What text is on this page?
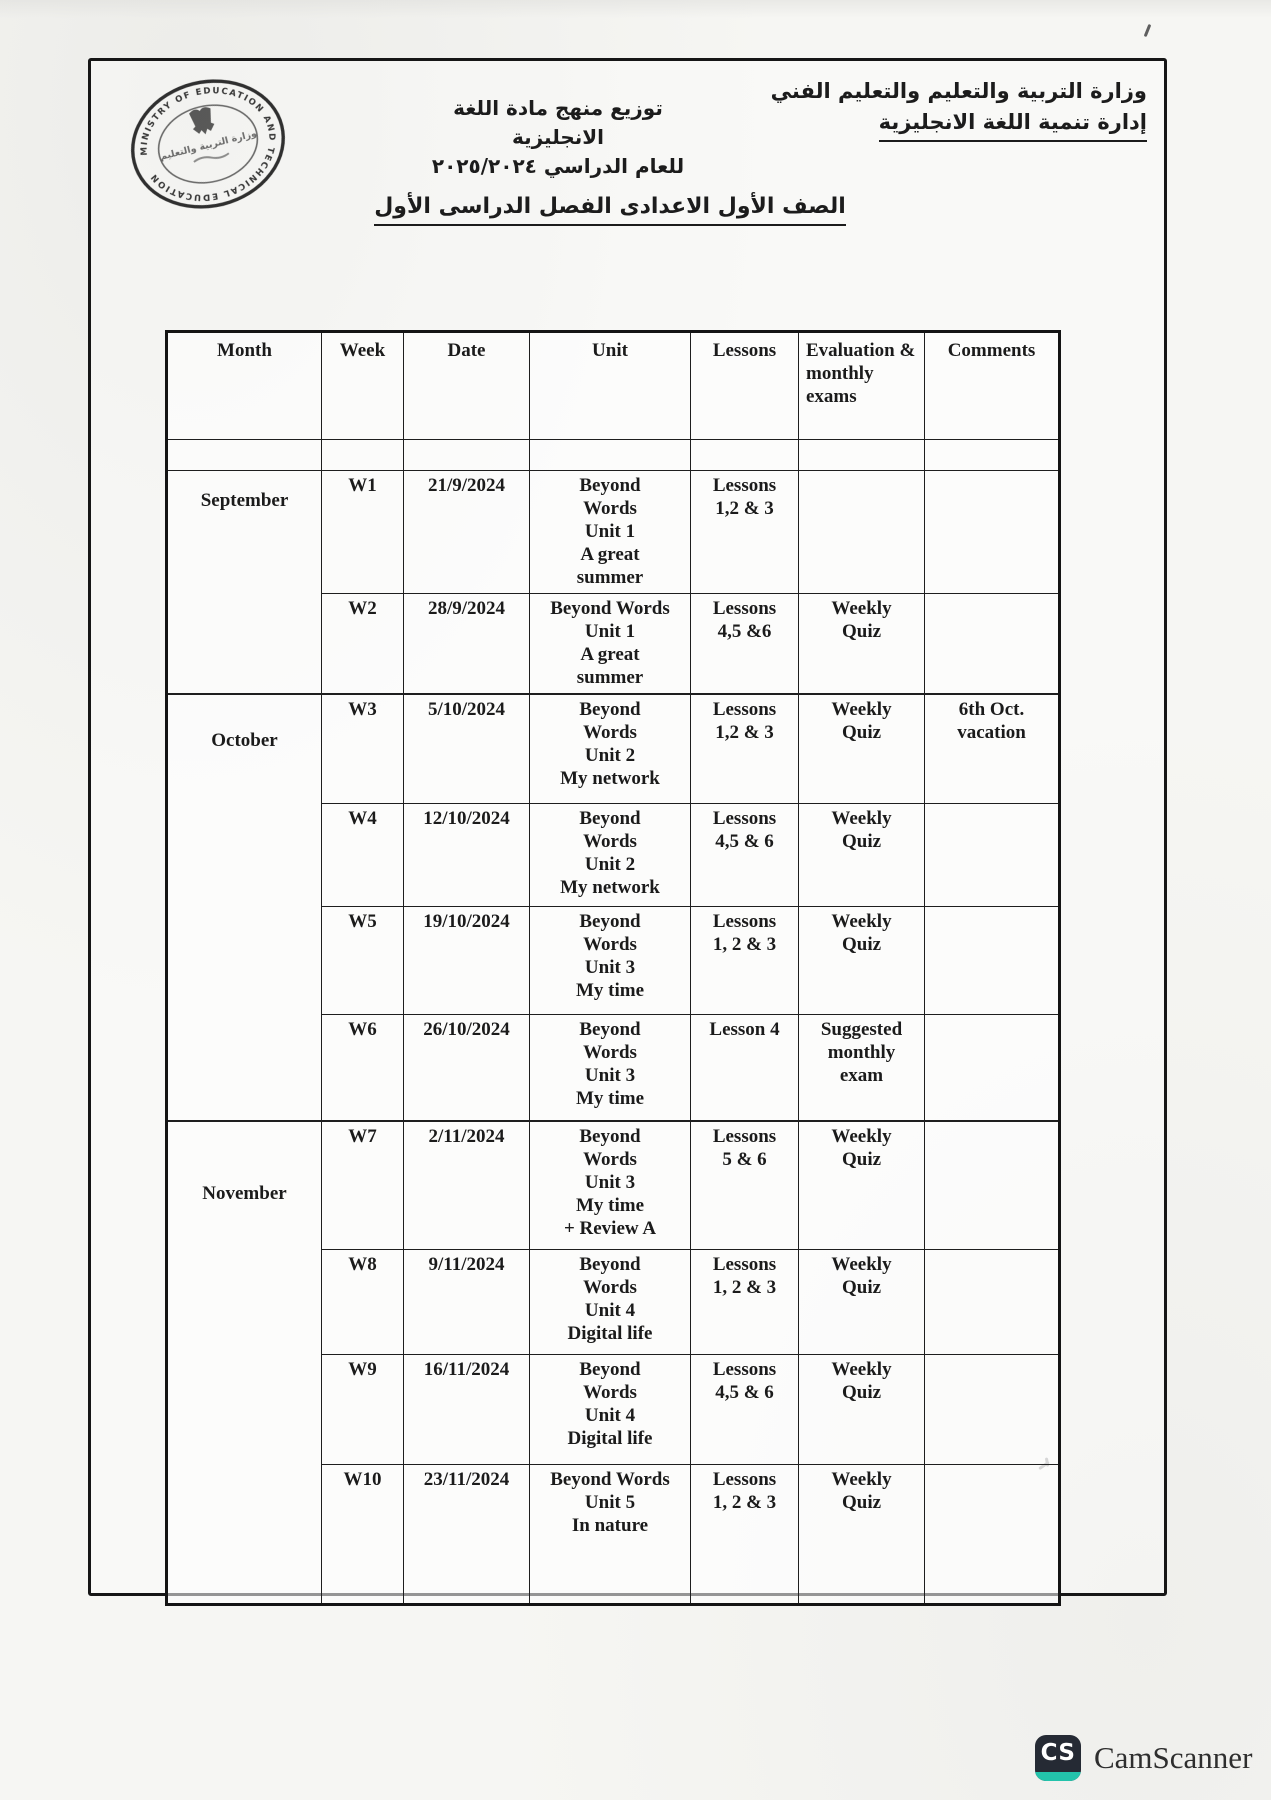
MINISTRY OF EDUCATION AND TECHNICAL EDUCATION
وزارة التربية والتعليم
وزارة التربية والتعليم والتعليم الفني
إدارة تنمية اللغة الانجليزية
توزيع منهج مادة اللغة الانجليزية
للعام الدراسي ٢٠٢٥/٢٠٢٤
الصف الأول الاعدادى الفصل الدراسى الأول
Month	Week	Date	Unit	Lessons	Evaluation & monthly exams	Comments

September	W1	21/9/2024	Beyond
Words
Unit 1
A great
summer	Lessons
1,2 & 3		
	W2	28/9/2024	Beyond Words
Unit 1
A great
summer	Lessons
4,5 &6	Weekly
Quiz	
October	W3	5/10/2024	Beyond
Words
Unit 2
My network	Lessons
1,2 & 3	Weekly
Quiz	6th Oct.
vacation
	W4	12/10/2024	Beyond
Words
Unit 2
My network	Lessons
4,5 & 6	Weekly
Quiz	
	W5	19/10/2024	Beyond
Words
Unit 3
My time	Lessons
1, 2 & 3	Weekly
Quiz	
	W6	26/10/2024	Beyond
Words
Unit 3
My time	Lesson 4	Suggested
monthly
exam	
November	W7	2/11/2024	Beyond
Words
Unit 3
My time
+ Review A	Lessons
5 & 6	Weekly
Quiz	
	W8	9/11/2024	Beyond
Words
Unit 4
Digital life	Lessons
1, 2 & 3	Weekly
Quiz	
	W9	16/11/2024	Beyond
Words
Unit 4
Digital life	Lessons
4,5 & 6	Weekly
Quiz	
	W10	23/11/2024	Beyond Words
Unit 5
In nature	Lessons
1, 2 & 3	Weekly
Quiz	
CS CamScanner
